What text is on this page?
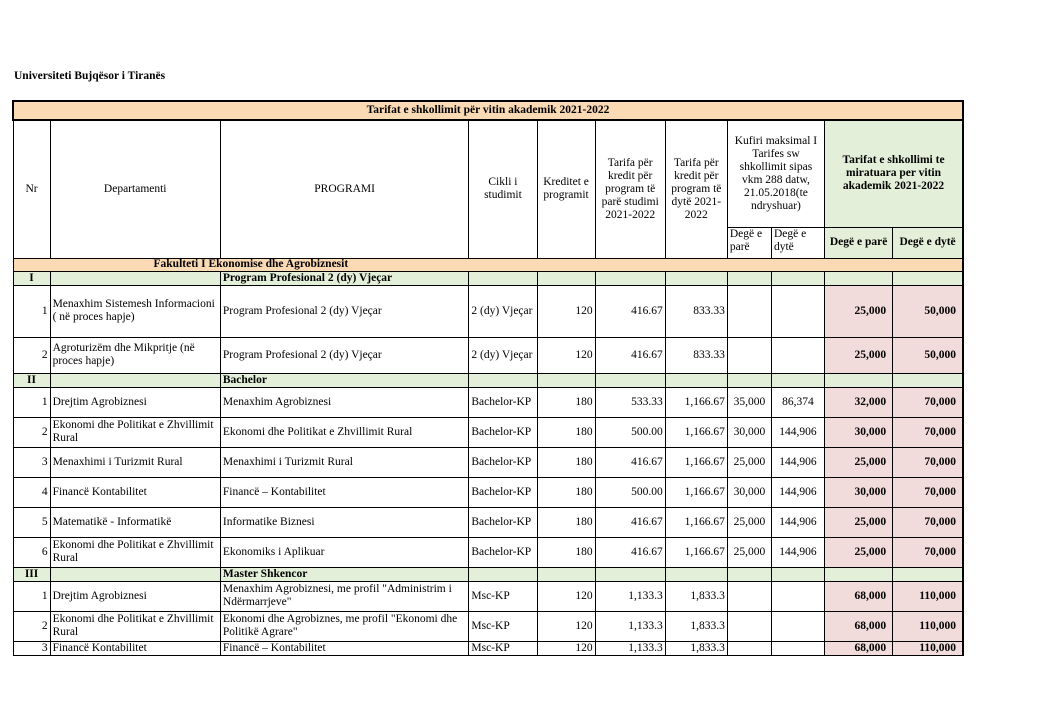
Universiteti Bujqësor i Tiranës
Tarifat e shkollimit për vitin akademik 2021-2022										
Nr	Departamenti	PROGRAMI	Cikli i studimit	Kreditet e programit	Tarifa për kredit për program të parë studimi 2021-2022	Tarifa për kredit për program të dytë 2021-2022	Kufiri maksimal I Tarifes sw shkollimit sipas vkm 288 datw, 21.05.2018(te ndryshuar)		Tarifat e shkollimi te miratuara per vitin akademik 2021-2022	
							Degë e parë	Degë e dytë	Degë e parë	Degë e dytë
Fakulteti I Ekonomise dhe Agrobiznesit										
I		Program Profesional 2 (dy) Vjeçar								
1	Menaxhim Sistemesh Informacioni ( në proces hapje)	Program Profesional 2 (dy) Vjeçar	2 (dy) Vjeçar	120	416.67	833.33			25,000	50,000
2	Agroturizëm dhe Mikpritje (në proces hapje)	Program Profesional 2 (dy) Vjeçar	2 (dy) Vjeçar	120	416.67	833.33			25,000	50,000
II		Bachelor								
1	Drejtim Agrobiznesi	Menaxhim Agrobiznesi	Bachelor-KP	180	533.33	1,166.67	35,000	86,374	32,000	70,000
2	Ekonomi dhe Politikat e Zhvillimit Rural	Ekonomi dhe Politikat e Zhvillimit Rural	Bachelor-KP	180	500.00	1,166.67	30,000	144,906	30,000	70,000
3	Menaxhimi i Turizmit Rural	Menaxhimi i Turizmit Rural	Bachelor-KP	180	416.67	1,166.67	25,000	144,906	25,000	70,000
4	Financë Kontabilitet	Financë – Kontabilitet	Bachelor-KP	180	500.00	1,166.67	30,000	144,906	30,000	70,000
5	Matematikë - Informatikë	Informatike Biznesi	Bachelor-KP	180	416.67	1,166.67	25,000	144,906	25,000	70,000
6	Ekonomi dhe Politikat e Zhvillimit Rural	Ekonomiks i Aplikuar	Bachelor-KP	180	416.67	1,166.67	25,000	144,906	25,000	70,000
III		Master Shkencor								
1	Drejtim Agrobiznesi	Menaxhim Agrobiznesi, me profil "Administrim i Ndërmarrjeve"	Msc-KP	120	1,133.3	1,833.3			68,000	110,000
2	Ekonomi dhe Politikat e Zhvillimit Rural	Ekonomi dhe Agrobiznes, me profil "Ekonomi dhe Politikë Agrare"	Msc-KP	120	1,133.3	1,833.3			68,000	110,000
3	Financë Kontabilitet	Financë – Kontabilitet	Msc-KP	120	1,133.3	1,833.3			68,000	110,000
